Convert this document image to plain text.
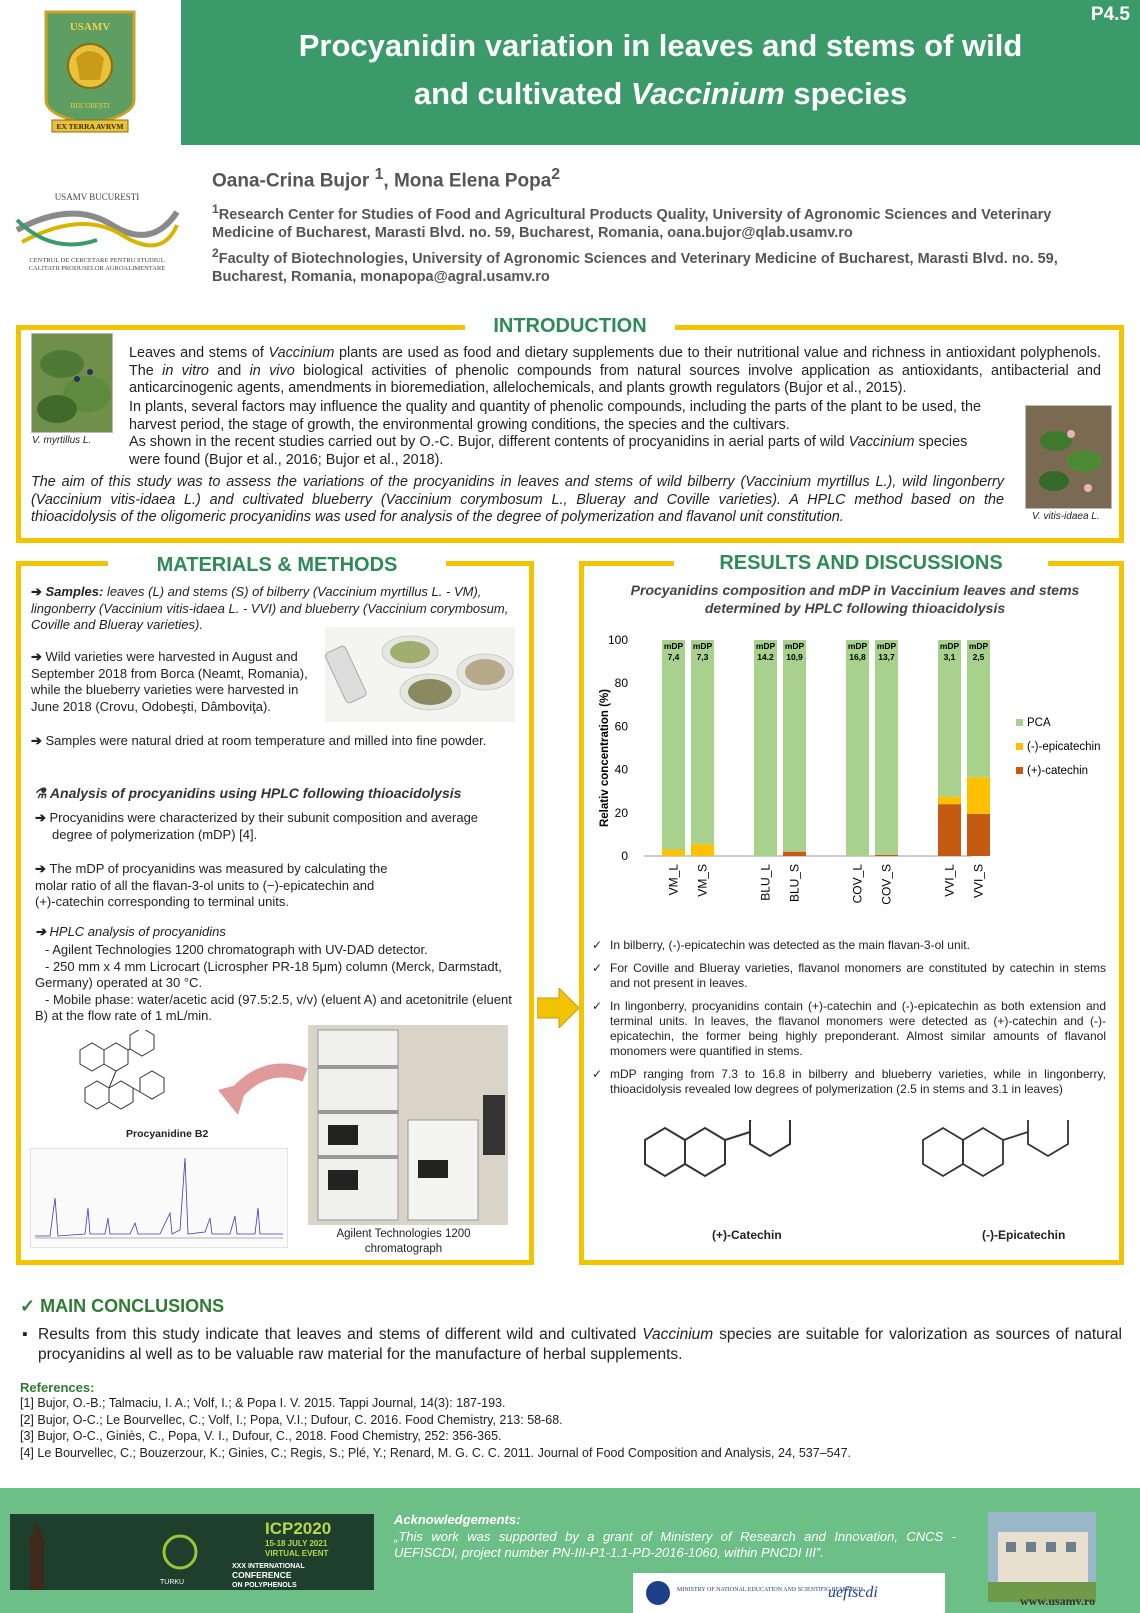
P4.5
Procyanidin variation in leaves and stems of wild
and cultivated Vaccinium species
USAMV
BUCUREȘTI
EX TERRA AVRVM
USAMV BUCURESTI
CENTRUL DE CERCETARE PENTRU STUDIUL
CALITATII PRODUSELOR AGROALIMENTARE
Oana-Crina Bujor $^1$, Mona Elena Popa$^2$
$^1$Research Center for Studies of Food and Agricultural Products Quality, University of Agronomic Sciences and Veterinary Medicine of Bucharest, Marasti Blvd. no. 59, Bucharest, Romania, oana.bujor@qlab.usamv.ro
$^2$Faculty of Biotechnologies, University of Agronomic Sciences and Veterinary Medicine of Bucharest, Marasti Blvd. no. 59, Bucharest, Romania, monapopa@agral.usamv.ro
INTRODUCTION
V. myrtillus L.
V. vitis-idaea L.
Leaves and stems of Vaccinium plants are used as food and dietary supplements due to their nutritional value and richness in antioxidant polyphenols. The in vitro and in vivo biological activities of phenolic compounds from natural sources involve application as antioxidants, antibacterial and anticarcinogenic agents, amendments in bioremediation, allelochemicals, and plants growth regulators (Bujor et al., 2015).
In plants, several factors may influence the quality and quantity of phenolic compounds, including the parts of the plant to be used, the harvest period, the stage of growth, the environmental growing conditions, the species and the cultivars.
As shown in the recent studies carried out by O.-C. Bujor, different contents of procyanidins in aerial parts of wild Vaccinium species were found (Bujor et al., 2016; Bujor et al., 2018).
The aim of this study was to assess the variations of the procyanidins in leaves and stems of wild bilberry (Vaccinium myrtillus L.), wild lingonberry (Vaccinium vitis-idaea L.) and cultivated blueberry (Vaccinium corymbosum L., Blueray and Coville varieties). A HPLC method based on the thioacidolysis of the oligomeric procyanidins was used for analysis of the degree of polymerization and flavanol unit constitution.
MATERIALS & METHODS
➔ Samples: leaves (L) and stems (S) of bilberry (Vaccinium myrtillus L. - VM), lingonberry (Vaccinium vitis-idaea L. - VVI) and blueberry (Vaccinium corymbosum, Coville and Blueray varieties).
➔ Wild varieties were harvested in August and September 2018 from Borca (Neamt, Romania), while the blueberry varieties were harvested in June 2018 (Crovu, Odobeşti, Dâmboviţa).
➔ Samples were natural dried at room temperature and milled into fine powder.
⚗ Analysis of procyanidins using HPLC following thioacidolysis
➔ Procyanidins were characterized by their subunit composition and average degree of polymerization (mDP) [4].
➔ The mDP of procyanidins was measured by calculating the molar ratio of all the flavan-3-ol units to (−)-epicatechin and (+)-catechin corresponding to terminal units.
➔ HPLC analysis of procyanidins
- Agilent Technologies 1200 chromatograph with UV-DAD detector.
- 250 mm x 4 mm Licrocart (Licrospher PR-18 5μm) column (Merck, Darmstadt, Germany) operated at 30 °C.
- Mobile phase: water/acetic acid (97.5:2.5, v/v) (eluent A) and acetonitrile (eluent B) at the flow rate of 1 mL/min.
Procyanidine B2
Agilent Technologies 1200 chromatograph
RESULTS AND DISCUSSIONS
Procyanidins composition and mDP in Vaccinium leaves and stems determined by HPLC following thioacidolysis
Relativ concentration (%)
0
20
40
60
80
100	mDP
7,4
mDP
7,3
mDP
14.2
mDP
10,9
mDP
16,8
mDP
13,7
mDP
3,1
mDP
2,5
VM_L VM_S	BLU_L BLU_S	COV_L COV_S	VVI_L VVI_S
PCA
(-)-epicatechin
(+)-catechin
✓ In bilberry, (-)-epicatechin was detected as the main flavan-3-ol unit.
✓ For Coville and Blueray varieties, flavanol monomers are constituted by catechin in stems and not present in leaves.
✓ In lingonberry, procyanidins contain (+)-catechin and (-)-epicatechin as both extension and terminal units. In leaves, the flavanol monomers were detected as (+)-catechin and (-)-epicatechin, the former being highly preponderant. Almost similar amounts of flavanol monomers were quantified in stems.
✓ mDP ranging from 7.3 to 16.8 in bilberry and blueberry varieties, while in lingonberry, thioacidolysis revealed low degrees of polymerization (2.5 in stems and 3.1 in leaves)
(+)-Catechin	(-)-Epicatechin
✓ MAIN CONCLUSIONS
▪ Results from this study indicate that leaves and stems of different wild and cultivated Vaccinium species are suitable for valorization as sources of natural procyanidins al well as to be valuable raw material for the manufacture of herbal supplements.
References:
[1] Bujor, O.-B.; Talmaciu, I. A.; Volf, I.; & Popa I. V. 2015. Tappi Journal, 14(3): 187-193.
[2] Bujor, O-C.; Le Bourvellec, C.; Volf, I.; Popa, V.I.; Dufour, C. 2016. Food Chemistry, 213: 58-68.
[3] Bujor, O-C., Giniès, C., Popa, V. I., Dufour, C., 2018. Food Chemistry, 252: 356-365.
[4] Le Bourvellec, C.; Bouzerzour, K.; Ginies, C.; Regis, S.; Plé, Y.; Renard, M. G. C. C. 2011. Journal of Food Composition and Analysis, 24, 537–547.
ICP2020
15-18 JULY 2021
VIRTUAL EVENT
XXX INTERNATIONAL
CONFERENCE
ON POLYPHENOLS
TURKU
Acknowledgements:
„This work was supported by a grant of Ministery of Research and Innovation, CNCS - UEFISCDI, project number PN-III-P1-1.1-PD-2016-1060, within PNCDI III”.
MINISTRY OF NATIONAL EDUCATION AND SCIENTIFIC RESEARCH
uefiscdi	www.usamv.ro
